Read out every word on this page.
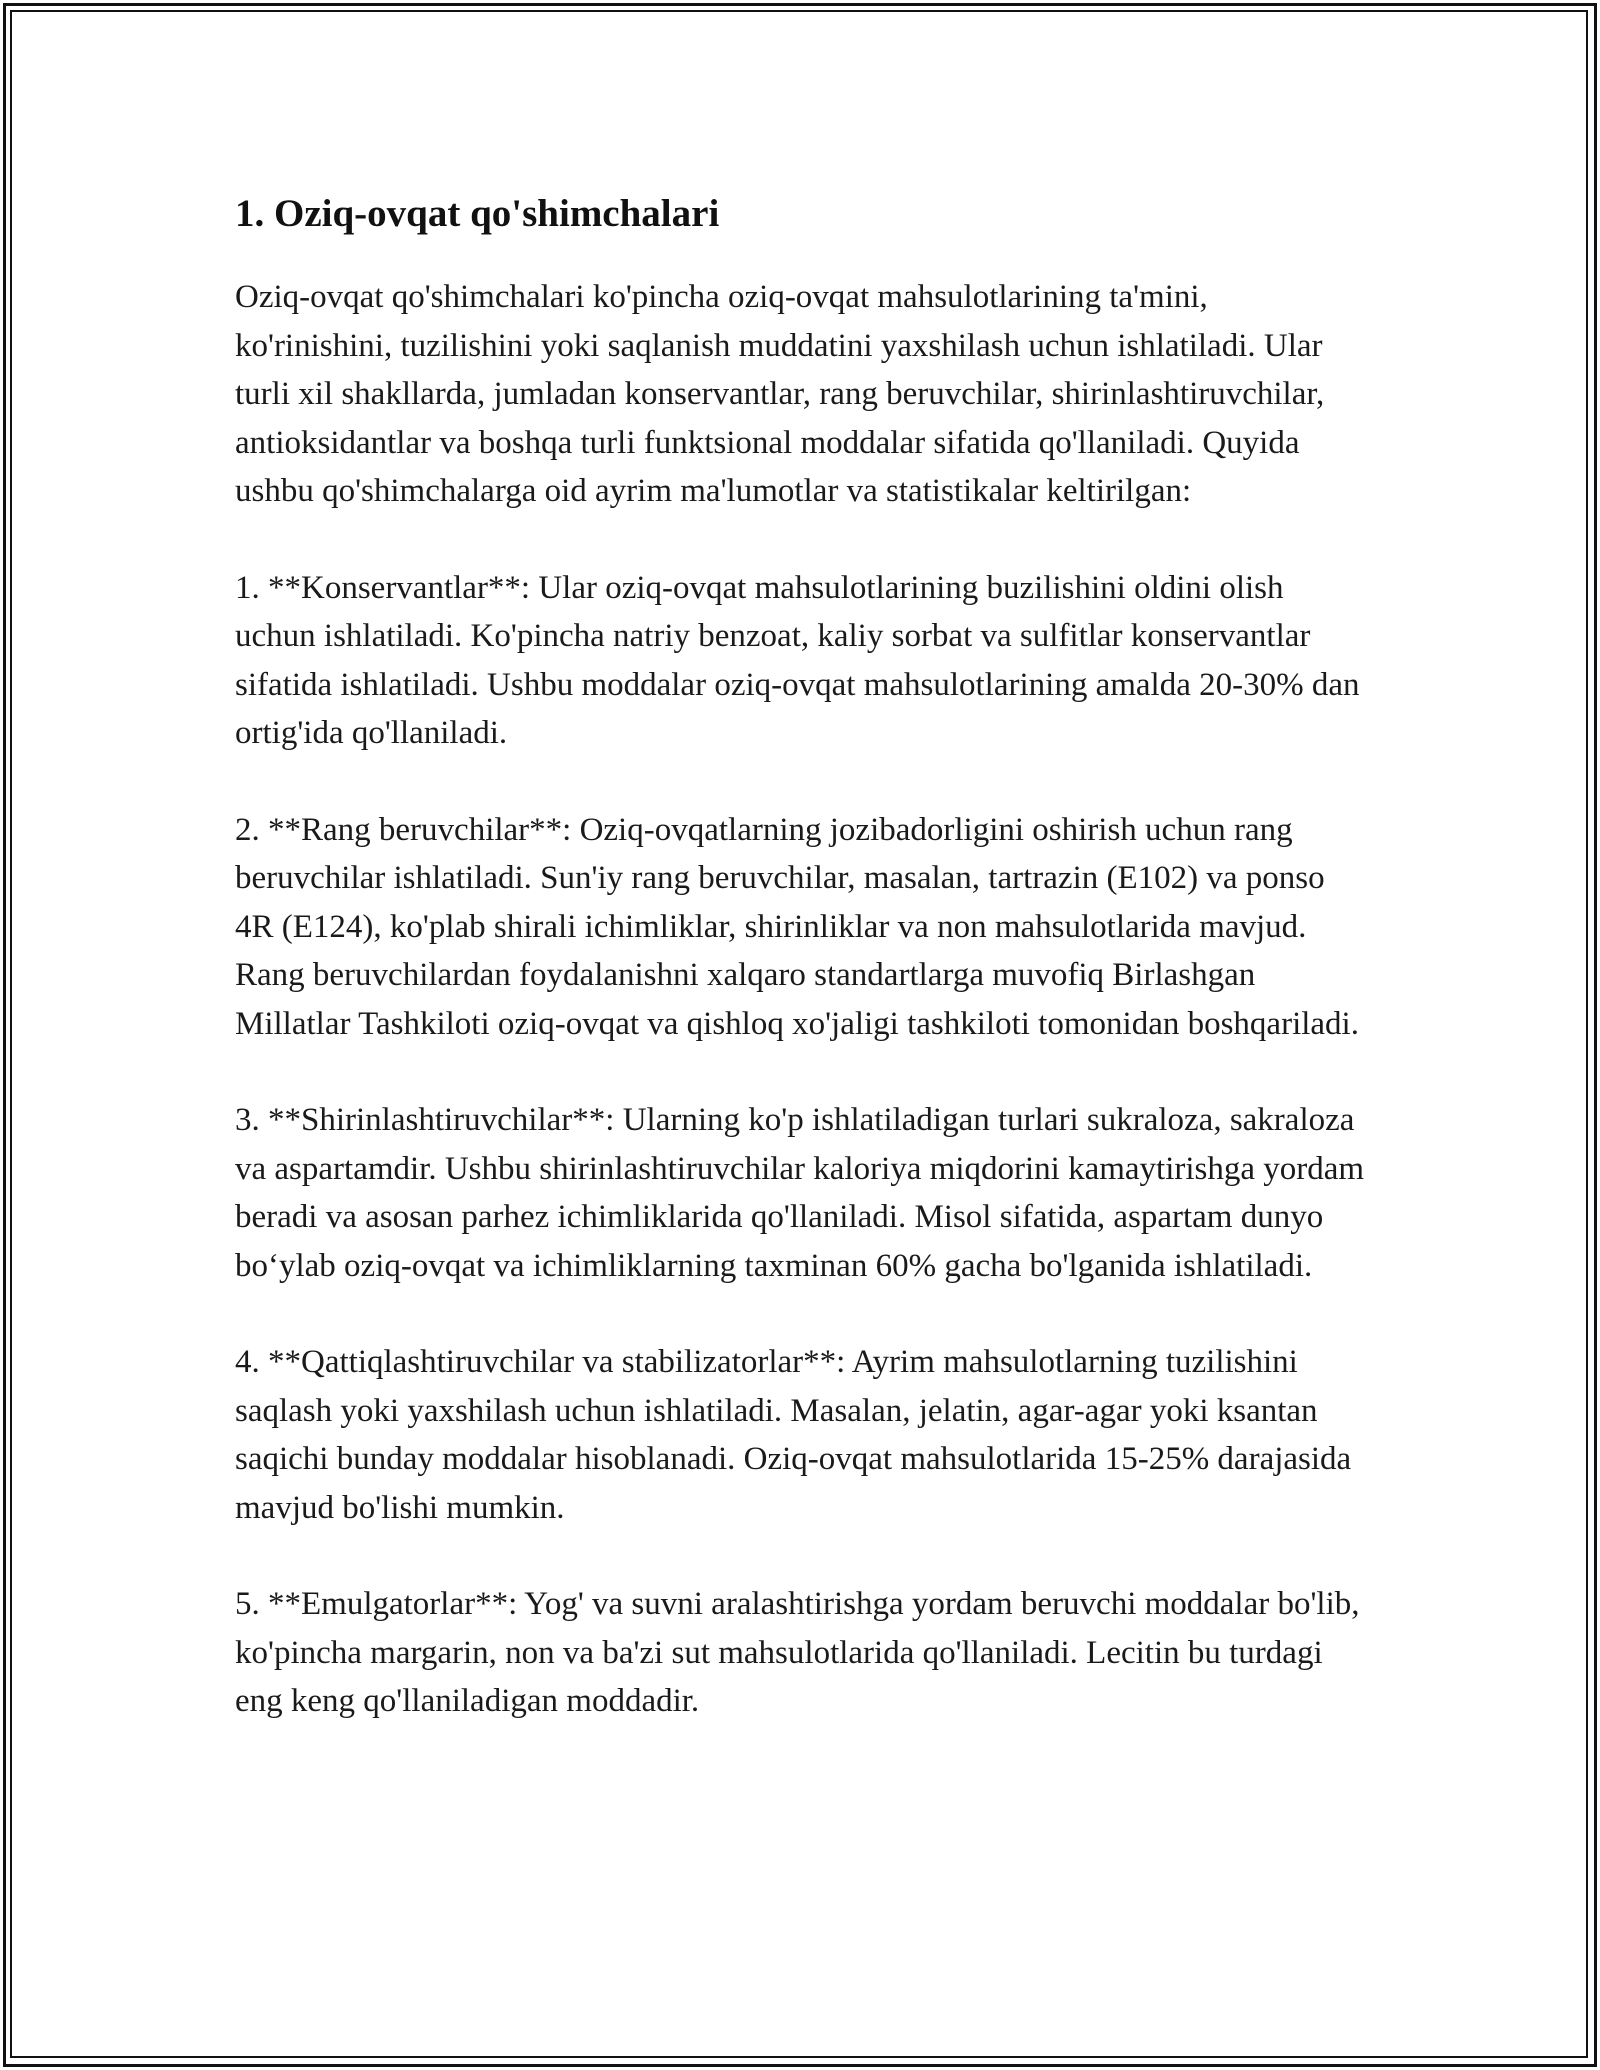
1. Oziq-ovqat qo'shimchalari

Oziq-ovqat qo'shimchalari ko'pincha oziq-ovqat mahsulotlarining ta'mini, ko'rinishini, tuzilishini yoki saqlanish muddatini yaxshilash uchun ishlatiladi. Ular turli xil shakllarda, jumladan konservantlar, rang beruvchilar, shirinlashtiruvchilar, antioksidantlar va boshqa turli funktsional moddalar sifatida qo'llaniladi. Quyida ushbu qo'shimchalarga oid ayrim ma'lumotlar va statistikalar keltirilgan:

1. **Konservantlar**: Ular oziq-ovqat mahsulotlarining buzilishini oldini olish uchun ishlatiladi. Ko'pincha natriy benzoat, kaliy sorbat va sulfitlar konservantlar sifatida ishlatiladi. Ushbu moddalar oziq-ovqat mahsulotlarining amalda 20-30% dan ortig'ida qo'llaniladi.

2. **Rang beruvchilar**: Oziq-ovqatlarning jozibadorligini oshirish uchun rang beruvchilar ishlatiladi. Sun'iy rang beruvchilar, masalan, tartrazin (E102) va ponso 4R (E124), ko'plab shirali ichimliklar, shirinliklar va non mahsulotlarida mavjud. Rang beruvchilardan foydalanishni xalqaro standartlarga muvofiq Birlashgan Millatlar Tashkiloti oziq-ovqat va qishloq xo'jaligi tashkiloti tomonidan boshqariladi.

3. **Shirinlashtiruvchilar**: Ularning ko'p ishlatiladigan turlari sukraloza, sakraloza va aspartamdir. Ushbu shirinlashtiruvchilar kaloriya miqdorini kamaytirishga yordam beradi va asosan parhez ichimliklarida qo'llaniladi. Misol sifatida, aspartam dunyo bo‘ylab oziq-ovqat va ichimliklarning taxminan 60% gacha bo'lganida ishlatiladi.

4. **Qattiqlashtiruvchilar va stabilizatorlar**: Ayrim mahsulotlarning tuzilishini saqlash yoki yaxshilash uchun ishlatiladi. Masalan, jelatin, agar-agar yoki ksantan saqichi bunday moddalar hisoblanadi. Oziq-ovqat mahsulotlarida 15-25% darajasida mavjud bo'lishi mumkin.

5. **Emulgatorlar**: Yog' va suvni aralashtirishga yordam beruvchi moddalar bo'lib, ko'pincha margarin, non va ba'zi sut mahsulotlarida qo'llaniladi. Lecitin bu turdagi eng keng qo'llaniladigan moddadir.
